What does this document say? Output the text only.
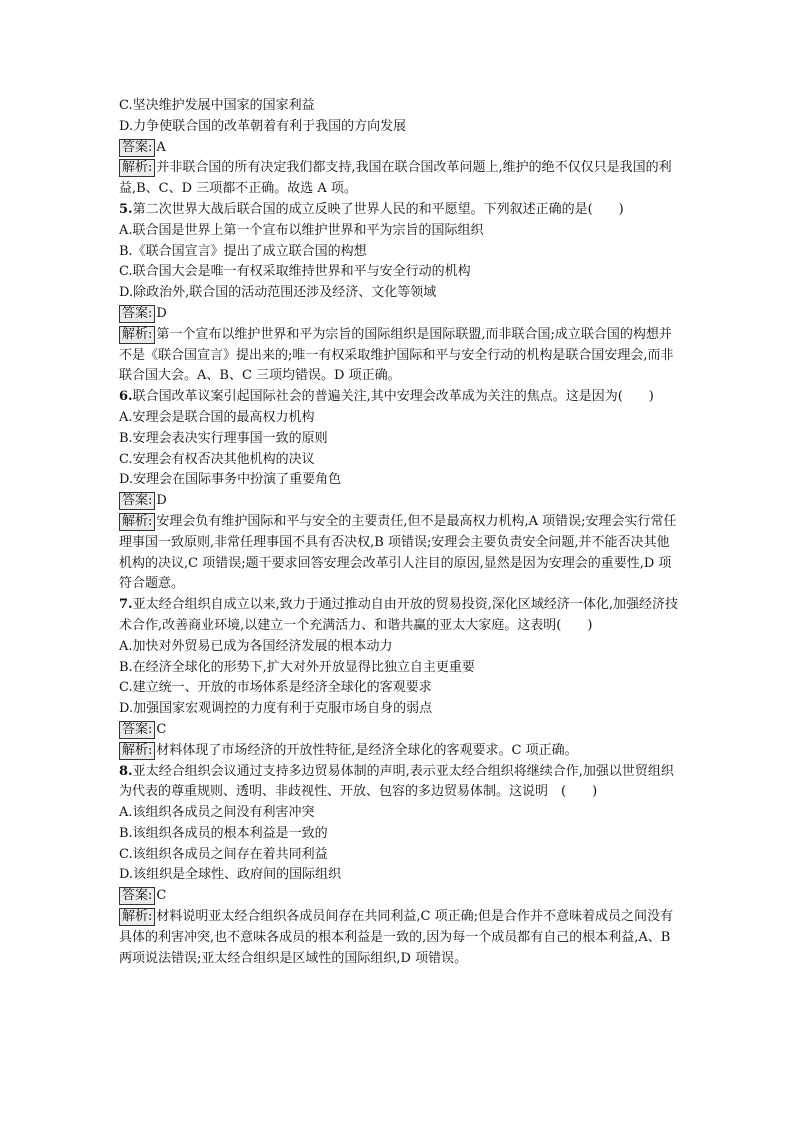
C.坚决维护发展中国家的国家利益
D.力争使联合国的改革朝着有利于我国的方向发展
答案: A
解析: 并非联合国的所有决定我们都支持,我国在联合国改革问题上,维护的绝不仅仅只是我国的利益,B、C、D 三项都不正确。故选 A 项。
5.第二次世界大战后联合国的成立反映了世界人民的和平愿望。下列叙述正确的是(　　)
A.联合国是世界上第一个宣布以维护世界和平为宗旨的国际组织
B.《联合国宣言》提出了成立联合国的构想
C.联合国大会是唯一有权采取维持世界和平与安全行动的机构
D.除政治外,联合国的活动范围还涉及经济、文化等领域
答案: D
解析: 第一个宣布以维护世界和平为宗旨的国际组织是国际联盟,而非联合国;成立联合国的构想并不是《联合国宣言》提出来的;唯一有权采取维护国际和平与安全行动的机构是联合国安理会,而非联合国大会。A、B、C 三项均错误。D 项正确。
6.联合国改革议案引起国际社会的普遍关注,其中安理会改革成为关注的焦点。这是因为(　　)
A.安理会是联合国的最高权力机构
B.安理会表决实行理事国一致的原则
C.安理会有权否决其他机构的决议
D.安理会在国际事务中扮演了重要角色
答案: D
解析: 安理会负有维护国际和平与安全的主要责任,但不是最高权力机构,A 项错误;安理会实行常任理事国一致原则,非常任理事国不具有否决权,B 项错误;安理会主要负责安全问题,并不能否决其他机构的决议,C 项错误;题干要求回答安理会改革引人注目的原因,显然是因为安理会的重要性,D 项符合题意。
7.亚太经合组织自成立以来,致力于通过推动自由开放的贸易投资,深化区域经济一体化,加强经济技术合作,改善商业环境,以建立一个充满活力、和谐共赢的亚太大家庭。这表明(　　)
A.加快对外贸易已成为各国经济发展的根本动力
B.在经济全球化的形势下,扩大对外开放显得比独立自主更重要
C.建立统一、开放的市场体系是经济全球化的客观要求
D.加强国家宏观调控的力度有利于克服市场自身的弱点
答案: C
解析: 材料体现了市场经济的开放性特征,是经济全球化的客观要求。C 项正确。
8.亚太经合组织会议通过支持多边贸易体制的声明,表示亚太经合组织将继续合作,加强以世贸组织为代表的尊重规则、透明、非歧视性、开放、包容的多边贸易体制。这说明　(　　)
A.该组织各成员之间没有利害冲突
B.该组织各成员的根本利益是一致的
C.该组织各成员之间存在着共同利益
D.该组织是全球性、政府间的国际组织
答案: C
解析: 材料说明亚太经合组织各成员间存在共同利益,C 项正确;但是合作并不意味着成员之间没有具体的利害冲突,也不意味各成员的根本利益是一致的,因为每一个成员都有自己的根本利益,A、B 两项说法错误;亚太经合组织是区域性的国际组织,D 项错误。
